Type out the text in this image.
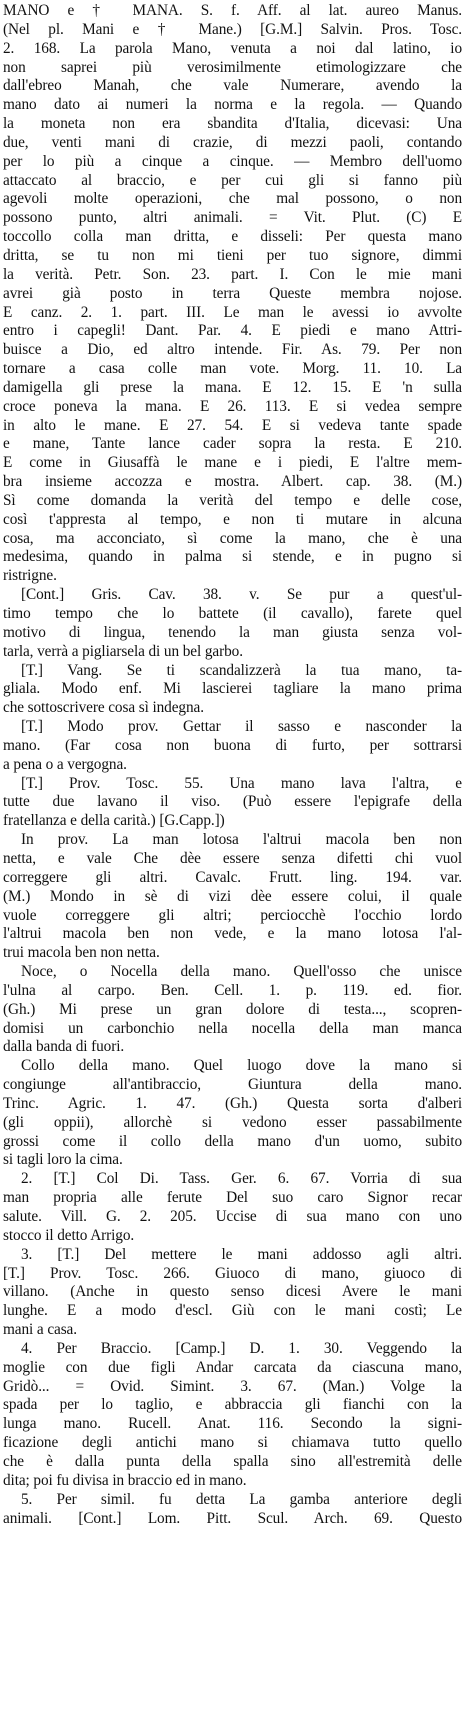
MANO e † MANA. S. f. Aff. al lat. aureo Manus.
(Nel pl. Mani e † Mane.) [G.M.] Salvin. Pros. Tosc.
2. 168. La parola Mano, venuta a noi dal latino, io
non saprei più verosimilmente etimologizzare che
dall'ebreo Manah, che vale Numerare, avendo la
mano dato ai numeri la norma e la regola. — Quando
la moneta non era sbandita d'Italia, dicevasi: Una
due, venti mani di crazie, di mezzi paoli, contando
per lo più a cinque a cinque. — Membro dell'uomo
attaccato al braccio, e per cui gli si fanno più
agevoli molte operazioni, che mal possono, o non
possono punto, altri animali. = Vit. Plut. (C) E
toccollo colla man dritta, e disseli: Per questa mano
dritta, se tu non mi tieni per tuo signore, dimmi
la verità. Petr. Son. 23. part. I. Con le mie mani
avrei già posto in terra Queste membra nojose.
E canz. 2. 1. part. III. Le man le avessi io avvolte
entro i capegli! Dant. Par. 4. E piedi e mano Attri-
buisce a Dio, ed altro intende. Fir. As. 79. Per non
tornare a casa colle man vote. Morg. 11. 10. La
damigella gli prese la mana. E 12. 15. E 'n sulla
croce poneva la mana. E 26. 113. E si vedea sempre
in alto le mane. E 27. 54. E si vedeva tante spade
e mane, Tante lance cader sopra la resta. E 210.
E come in Giusaffà le mane e i piedi, E l'altre mem-
bra insieme accozza e mostra. Albert. cap. 38. (M.)
Sì come domanda la verità del tempo e delle cose,
così t'appresta al tempo, e non ti mutare in alcuna
cosa, ma acconciato, sì come la mano, che è una
medesima, quando in palma si stende, e in pugno si
ristrigne.
[Cont.] Gris. Cav. 38. v. Se pur a quest'ul-
timo tempo che lo battete (il cavallo), farete quel
motivo di lingua, tenendo la man giusta senza vol-
tarla, verrà a pigliarsela di un bel garbo.
[T.] Vang. Se ti scandalizzerà la tua mano, ta-
gliala. Modo enf. Mi lascierei tagliare la mano prima
che sottoscrivere cosa sì indegna.
[T.] Modo prov. Gettar il sasso e nasconder la
mano. (Far cosa non buona di furto, per sottrarsi
a pena o a vergogna.
[T.] Prov. Tosc. 55. Una mano lava l'altra, e
tutte due lavano il viso. (Può essere l'epigrafe della
fratellanza e della carità.) [G.Capp.])
In prov. La man lotosa l'altrui macola ben non
netta, e vale Che dèe essere senza difetti chi vuol
correggere gli altri. Cavalc. Frutt. ling. 194. var.
(M.) Mondo in sè di vizi dèe essere colui, il quale
vuole correggere gli altri; percioсchè l'occhio lordo
l'altrui macola ben non vede, e la mano lotosa l'al-
trui macola ben non netta.
Noce, o Nocella della mano. Quell'osso che unisce
l'ulna al carpo. Ben. Cell. 1. p. 119. ed. fior.
(Gh.) Mi prese un gran dolore di testa..., scopren-
domisi un carbonchio nella nocella della man manca
dalla banda di fuori.
Collo della mano. Quel luogo dove la mano si
congiunge all'antibraccio, Giuntura della mano.
Trinc. Agric. 1. 47. (Gh.) Questa sorta d'alberi
(gli oppii), allorchè si vedono esser passabilmente
grossi come il collo della mano d'un uomo, subito
si tagli loro la cima.
2. [T.] Col Di. Tass. Ger. 6. 67. Vorria di sua
man propria alle ferute Del suo caro Signor recar
salute. Vill. G. 2. 205. Uccise di sua mano con uno
stocco il detto Arrigo.
3. [T.] Del mettere le mani addosso agli altri.
[T.] Prov. Tosc. 266. Giuoco di mano, giuoco di
villano. (Anche in questo senso dicesi Avere le mani
lunghe. E a modo d'escl. Giù con le mani costì; Le
mani a casa.
4. Per Braccio. [Camp.] D. 1. 30. Veggendo la
moglie con due figli Andar carcata da ciascuna mano,
Gridò... = Ovid. Simint. 3. 67. (Man.) Volge la
spada per lo taglio, e abbraccia gli fianchi con la
lunga mano. Rucell. Anat. 116. Secondo la signi-
ficazione degli antichi mano si chiamava tutto quello
che è dalla punta della spalla sino all'estremità delle
dita; poi fu divisa in braccio ed in mano.
5. Per simil. fu detta La gamba anteriore degli
animali. [Cont.] Lom. Pitt. Scul. Arch. 69. Questo
